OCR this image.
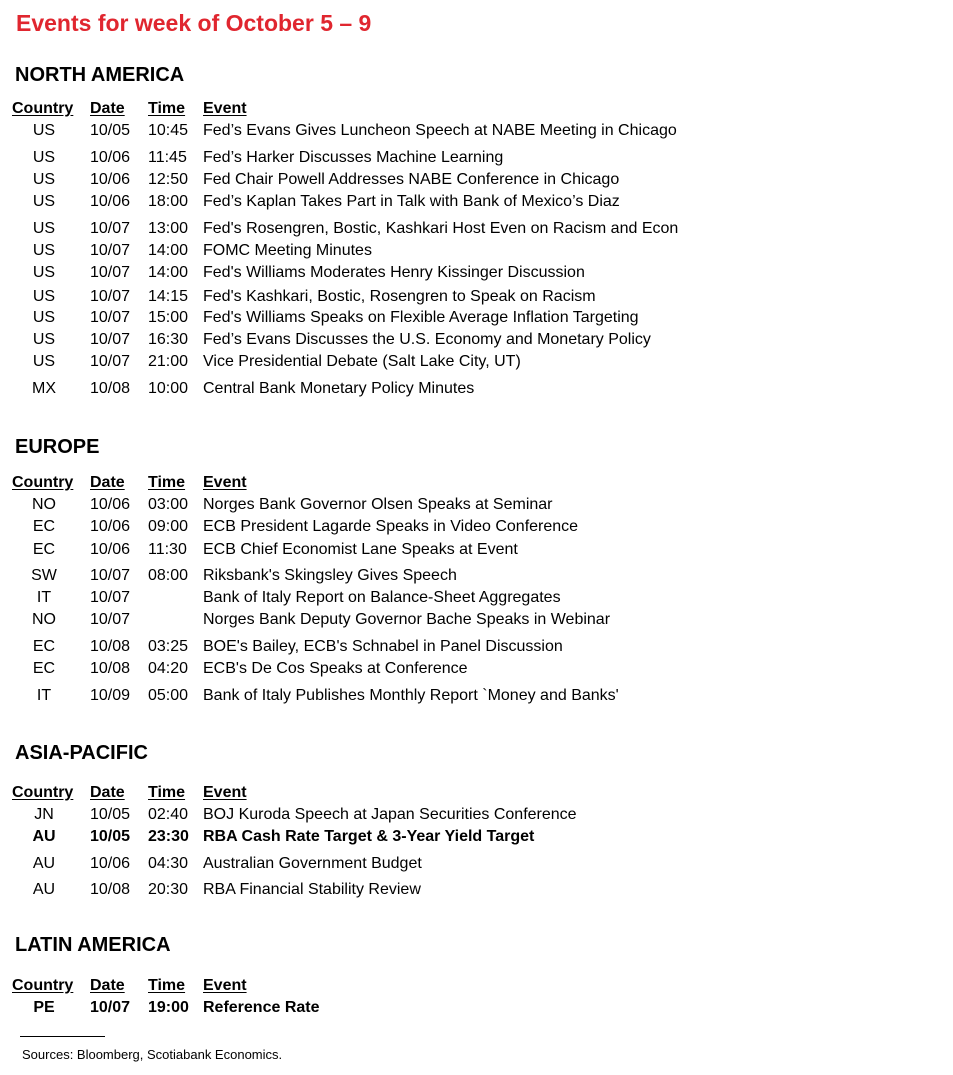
Events for week of October 5 – 9
NORTH AMERICA
Country Date Time Event
US	10/05 10:45 Fed’s Evans Gives Luncheon Speech at NABE Meeting in Chicago
US	10/06 11:45 Fed’s Harker Discusses Machine Learning
US	10/06 12:50 Fed Chair Powell Addresses NABE Conference in Chicago
US	10/06 18:00 Fed’s Kaplan Takes Part in Talk with Bank of Mexico’s Diaz
US	10/07 13:00 Fed's Rosengren, Bostic, Kashkari Host Even on Racism and Econ
US	10/07 14:00 FOMC Meeting Minutes
US	10/07 14:00 Fed's Williams Moderates Henry Kissinger Discussion
US	10/07 14:15 Fed's Kashkari, Bostic, Rosengren to Speak on Racism
US	10/07 15:00 Fed's Williams Speaks on Flexible Average Inflation Targeting
US	10/07 16:30 Fed’s Evans Discusses the U.S. Economy and Monetary Policy
US	10/07 21:00 Vice Presidential Debate (Salt Lake City, UT)
MX	10/08 10:00 Central Bank Monetary Policy Minutes
EUROPE
Country Date Time Event
NO	10/06 03:00 Norges Bank Governor Olsen Speaks at Seminar
EC	10/06 09:00 ECB President Lagarde Speaks in Video Conference
EC	10/06 11:30 ECB Chief Economist Lane Speaks at Event
SW	10/07 08:00 Riksbank's Skingsley Gives Speech
IT	10/07	Bank of Italy Report on Balance-Sheet Aggregates
NO	10/07	Norges Bank Deputy Governor Bache Speaks in Webinar
EC	10/08 03:25 BOE's Bailey, ECB's Schnabel in Panel Discussion
EC	10/08 04:20 ECB's De Cos Speaks at Conference
IT	10/09 05:00 Bank of Italy Publishes Monthly Report `Money and Banks'
ASIA-PACIFIC
Country Date Time Event
JN	10/05 02:40 BOJ Kuroda Speech at Japan Securities Conference
AU	10/05 23:30 RBA Cash Rate Target & 3-Year Yield Target
AU	10/06 04:30 Australian Government Budget
AU	10/08 20:30 RBA Financial Stability Review
LATIN AMERICA
Country Date Time Event
PE	10/07 19:00 Reference Rate
Sources: Bloomberg, Scotiabank Economics.
